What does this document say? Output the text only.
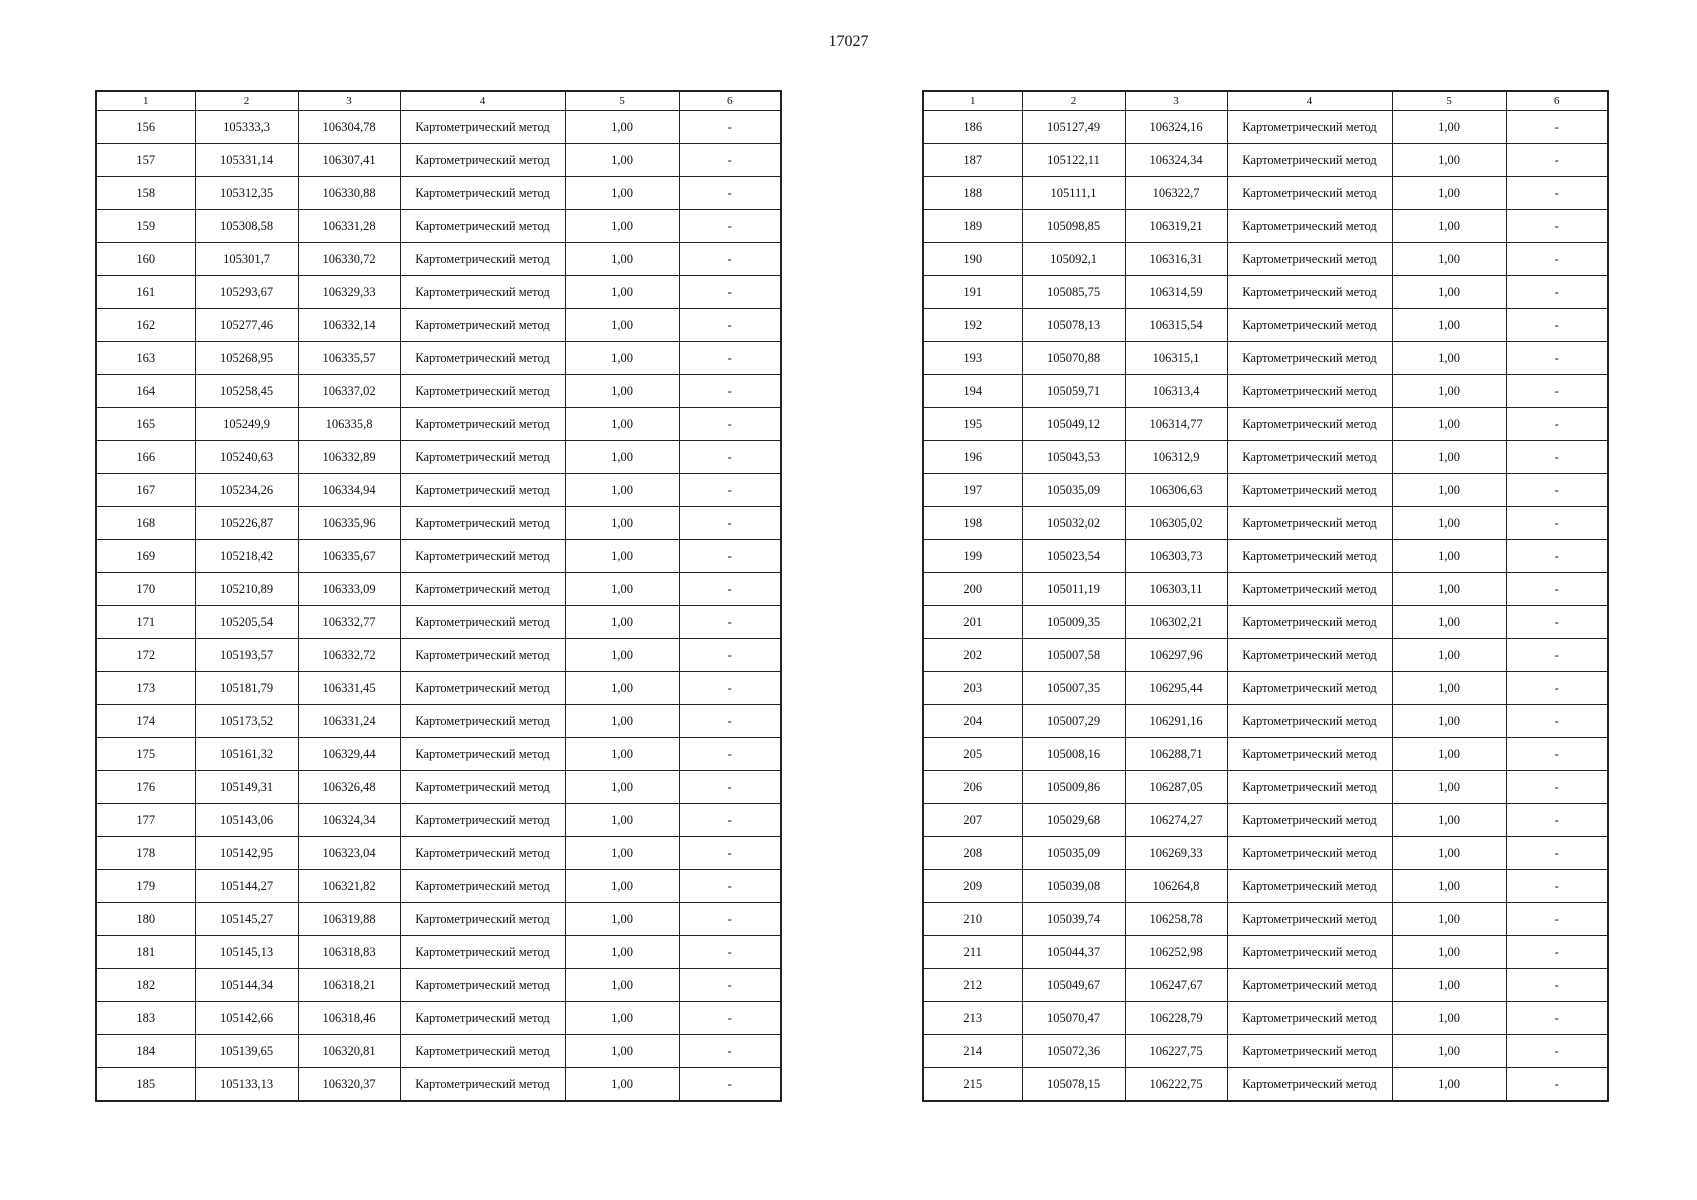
17027
1	2	3	4	5	6
156	105333,3	106304,78	Картометрический метод	1,00	-
157	105331,14	106307,41	Картометрический метод	1,00	-
158	105312,35	106330,88	Картометрический метод	1,00	-
159	105308,58	106331,28	Картометрический метод	1,00	-
160	105301,7	106330,72	Картометрический метод	1,00	-
161	105293,67	106329,33	Картометрический метод	1,00	-
162	105277,46	106332,14	Картометрический метод	1,00	-
163	105268,95	106335,57	Картометрический метод	1,00	-
164	105258,45	106337,02	Картометрический метод	1,00	-
165	105249,9	106335,8	Картометрический метод	1,00	-
166	105240,63	106332,89	Картометрический метод	1,00	-
167	105234,26	106334,94	Картометрический метод	1,00	-
168	105226,87	106335,96	Картометрический метод	1,00	-
169	105218,42	106335,67	Картометрический метод	1,00	-
170	105210,89	106333,09	Картометрический метод	1,00	-
171	105205,54	106332,77	Картометрический метод	1,00	-
172	105193,57	106332,72	Картометрический метод	1,00	-
173	105181,79	106331,45	Картометрический метод	1,00	-
174	105173,52	106331,24	Картометрический метод	1,00	-
175	105161,32	106329,44	Картометрический метод	1,00	-
176	105149,31	106326,48	Картометрический метод	1,00	-
177	105143,06	106324,34	Картометрический метод	1,00	-
178	105142,95	106323,04	Картометрический метод	1,00	-
179	105144,27	106321,82	Картометрический метод	1,00	-
180	105145,27	106319,88	Картометрический метод	1,00	-
181	105145,13	106318,83	Картометрический метод	1,00	-
182	105144,34	106318,21	Картометрический метод	1,00	-
183	105142,66	106318,46	Картометрический метод	1,00	-
184	105139,65	106320,81	Картометрический метод	1,00	-
185	105133,13	106320,37	Картометрический метод	1,00	-
1	2	3	4	5	6
186	105127,49	106324,16	Картометрический метод	1,00	-
187	105122,11	106324,34	Картометрический метод	1,00	-
188	105111,1	106322,7	Картометрический метод	1,00	-
189	105098,85	106319,21	Картометрический метод	1,00	-
190	105092,1	106316,31	Картометрический метод	1,00	-
191	105085,75	106314,59	Картометрический метод	1,00	-
192	105078,13	106315,54	Картометрический метод	1,00	-
193	105070,88	106315,1	Картометрический метод	1,00	-
194	105059,71	106313,4	Картометрический метод	1,00	-
195	105049,12	106314,77	Картометрический метод	1,00	-
196	105043,53	106312,9	Картометрический метод	1,00	-
197	105035,09	106306,63	Картометрический метод	1,00	-
198	105032,02	106305,02	Картометрический метод	1,00	-
199	105023,54	106303,73	Картометрический метод	1,00	-
200	105011,19	106303,11	Картометрический метод	1,00	-
201	105009,35	106302,21	Картометрический метод	1,00	-
202	105007,58	106297,96	Картометрический метод	1,00	-
203	105007,35	106295,44	Картометрический метод	1,00	-
204	105007,29	106291,16	Картометрический метод	1,00	-
205	105008,16	106288,71	Картометрический метод	1,00	-
206	105009,86	106287,05	Картометрический метод	1,00	-
207	105029,68	106274,27	Картометрический метод	1,00	-
208	105035,09	106269,33	Картометрический метод	1,00	-
209	105039,08	106264,8	Картометрический метод	1,00	-
210	105039,74	106258,78	Картометрический метод	1,00	-
211	105044,37	106252,98	Картометрический метод	1,00	-
212	105049,67	106247,67	Картометрический метод	1,00	-
213	105070,47	106228,79	Картометрический метод	1,00	-
214	105072,36	106227,75	Картометрический метод	1,00	-
215	105078,15	106222,75	Картометрический метод	1,00	-
